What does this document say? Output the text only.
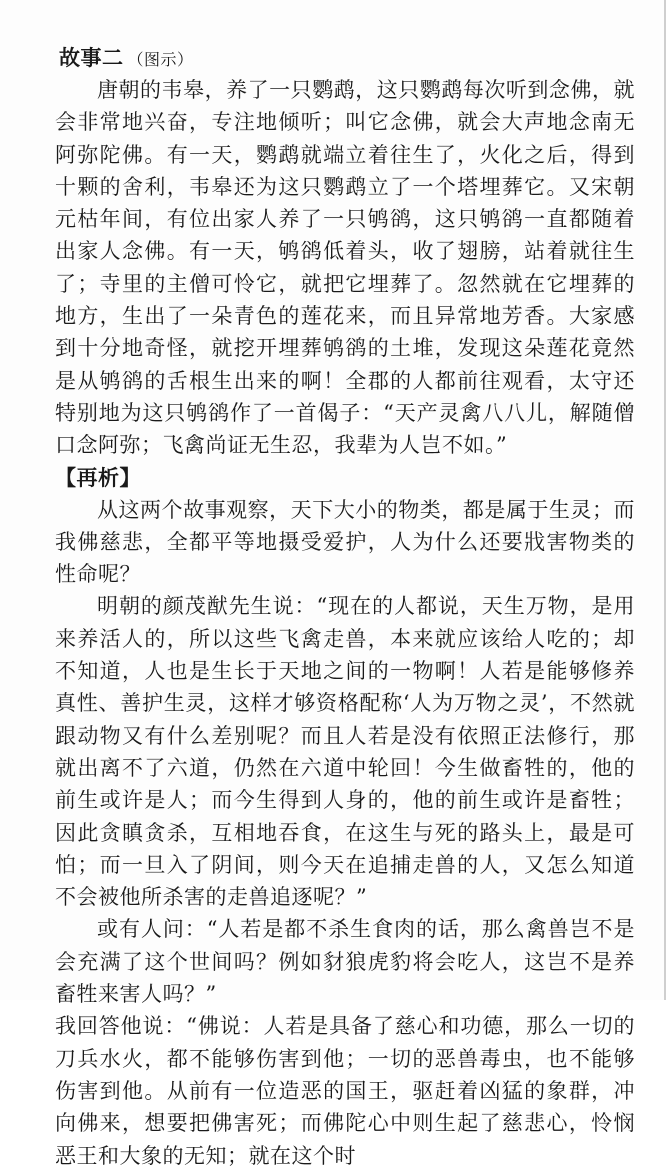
故事二 （图示）

唐朝的韦皋，养了一只鹦鹉，这只鹦鹉每次听到念佛，就会非常地兴奋，专注地倾听；叫它念佛，就会大声地念南无阿弥陀佛。有一天，鹦鹉就端立着往生了，火化之后，得到十颗的舍利，韦皋还为这只鹦鹉立了一个塔埋葬它。又宋朝元枯年间，有位出家人养了一只鸲鹆，这只鸲鹆一直都随着出家人念佛。有一天，鸲鹆低着头，收了翅膀，站着就往生了；寺里的主僧可怜它，就把它埋葬了。忽然就在它埋葬的地方，生出了一朵青色的莲花来，而且异常地芳香。大家感到十分地奇怪，就挖开埋葬鸲鹆的土堆，发现这朵莲花竟然是从鸲鹆的舌根生出来的啊！全郡的人都前往观看，太守还特别地为这只鸲鹆作了一首偈子：“天产灵禽八八儿，解随僧口念阿弥；飞禽尚证无生忍，我辈为人岂不如。”

【再析】

从这两个故事观察，天下大小的物类，都是属于生灵；而我佛慈悲，全都平等地摄受爱护，人为什么还要戕害物类的性命呢？

明朝的颜茂猷先生说：“现在的人都说，天生万物，是用来养活人的，所以这些飞禽走兽，本来就应该给人吃的；却不知道，人也是生长于天地之间的一物啊！人若是能够修养真性、善护生灵，这样才够资格配称‘人为万物之灵’，不然就跟动物又有什么差别呢？而且人若是没有依照正法修行，那就出离不了六道，仍然在六道中轮回！今生做畜牲的，他的前生或许是人；而今生得到人身的，他的前生或许是畜牲；因此贪瞋贪杀，互相地吞食，在这生与死的路头上，最是可怕；而一旦入了阴间，则今天在追捕走兽的人，又怎么知道不会被他所杀害的走兽追逐呢？”

或有人问：“人若是都不杀生食肉的话，那么禽兽岂不是会充满了这个世间吗？例如豺狼虎豹将会吃人，这岂不是养畜牲来害人吗？”

我回答他说：“佛说：人若是具备了慈心和功德，那么一切的刀兵水火，都不能够伤害到他；一切的恶兽毒虫，也不能够伤害到他。从前有一位造恶的国王，驱赶着凶猛的象群，冲向佛来，想要把佛害死；而佛陀心中则生起了慈悲心，怜悯恶王和大象的无知；就在这个时
